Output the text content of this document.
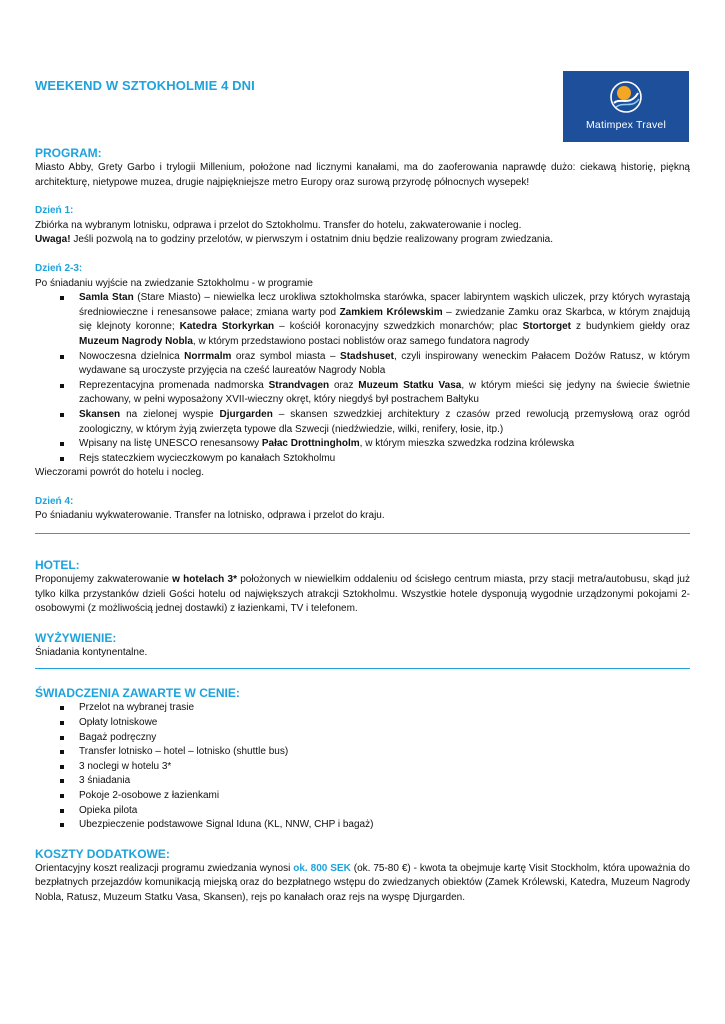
WEEKEND W SZTOKHOLMIE 4 DNI
Matimpex Travel
PROGRAM:

Miasto Abby, Grety Garbo i trylogii Millenium, położone nad licznymi kanałami, ma do zaoferowania naprawdę dużo: ciekawą historię, piękną architekturę, nietypowe muzea, drugie najpiękniejsze metro Europy oraz surową przyrodę północnych wysepek!

Dzień 1:

Zbiórka na wybranym lotnisku, odprawa i przelot do Sztokholmu. Transfer do hotelu, zakwaterowanie i nocleg.

Uwaga! Jeśli pozwolą na to godziny przelotów, w pierwszym i ostatnim dniu będzie realizowany program zwiedzania.

Dzień 2-3:

Po śniadaniu wyjście na zwiedzanie Sztokholmu - w programie

Samla Stan (Stare Miasto) – niewielka lecz urokliwa sztokholmska starówka, spacer labiryntem wąskich uliczek, przy których wyrastają średniowieczne i renesansowe pałace; zmiana warty pod Zamkiem Królewskim – zwiedzanie Zamku oraz Skarbca, w którym znajdują się klejnoty koronne; Katedra Storkyrkan – kościół koronacyjny szwedzkich monarchów; plac Stortorget z budynkiem giełdy oraz Muzeum Nagrody Nobla, w którym przedstawiono postaci noblistów oraz samego fundatora nagrody
Nowoczesna dzielnica Norrmalm oraz symbol miasta – Stadshuset, czyli inspirowany weneckim Pałacem Dożów Ratusz, w którym wydawane są uroczyste przyjęcia na cześć laureatów Nagrody Nobla
Reprezentacyjna promenada nadmorska Strandvagen oraz Muzeum Statku Vasa, w którym mieści się jedyny na świecie świetnie zachowany, w pełni wyposażony XVII-wieczny okręt, który niegdyś był postrachem Bałtyku
Skansen na zielonej wyspie Djurgarden – skansen szwedzkiej architektury z czasów przed rewolucją przemysłową oraz ogród zoologiczny, w którym żyją zwierzęta typowe dla Szwecji (niedźwiedzie, wilki, renifery, łosie, itp.)
Wpisany na listę UNESCO renesansowy Pałac Drottningholm, w którym mieszka szwedzka rodzina królewska
Rejs stateczkiem wycieczkowym po kanałach Sztokholmu

Wieczorami powrót do hotelu i nocleg.

Dzień 4:

Po śniadaniu wykwaterowanie. Transfer na lotnisko, odprawa i przelot do kraju.

HOTEL:

Proponujemy zakwaterowanie w hotelach 3* położonych w niewielkim oddaleniu od ścisłego centrum miasta, przy stacji metra/autobusu, skąd już tylko kilka przystanków dzieli Gości hotelu od największych atrakcji Sztokholmu. Wszystkie hotele dysponują wygodnie urządzonymi pokojami 2-osobowymi (z możliwością jednej dostawki) z łazienkami, TV i telefonem.

WYŻYWIENIE:

Śniadania kontynentalne.

ŚWIADCZENIA ZAWARTE W CENIE:
Przelot na wybranej trasie
Opłaty lotniskowe
Bagaż podręczny
Transfer lotnisko – hotel – lotnisko (shuttle bus)
3 noclegi w hotelu 3*
3 śniadania
Pokoje 2-osobowe z łazienkami
Opieka pilota
Ubezpieczenie podstawowe Signal Iduna (KL, NNW, CHP i bagaż)
KOSZTY DODATKOWE:

Orientacyjny koszt realizacji programu zwiedzania wynosi ok. 800 SEK (ok. 75-80 €) - kwota ta obejmuje kartę Visit Stockholm, która upoważnia do bezpłatnych przejazdów komunikacją miejską oraz do bezpłatnego wstępu do zwiedzanych obiektów (Zamek Królewski, Katedra, Muzeum Nagrody Nobla, Ratusz, Muzeum Statku Vasa, Skansen), rejs po kanałach oraz rejs na wyspę Djurgarden.
